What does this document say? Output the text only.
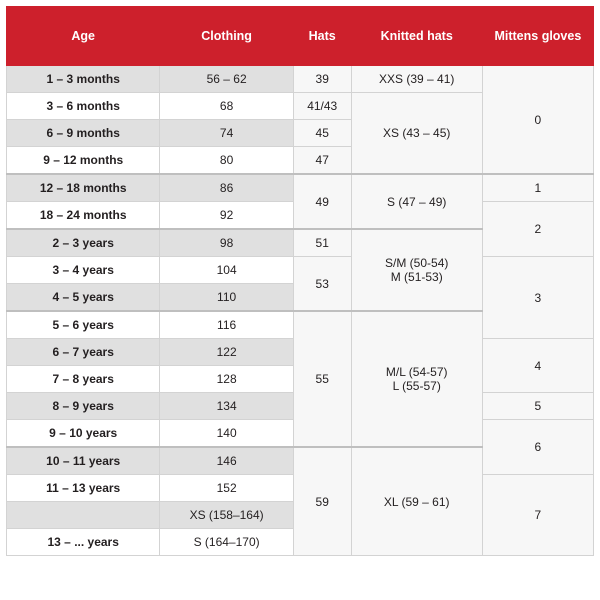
Age	Clothing	Hats	Knitted hats	Mittens gloves
1 – 3 months	56 – 62	39	XXS (39 – 41)	0
3 – 6 months	68	41/43	XS (43 – 45)	
6 – 9 months	74	45		
9 – 12 months	80	47		
12 – 18 months	86	49	S (47 – 49)	1
18 – 24 months	92			2
2 – 3 years	98	51	S/M (50-54)
M (51-53)	
3 – 4 years	104	53		3
4 – 5 years	110			
5 – 6 years	116	55	M/L (54-57)
L (55-57)	
6 – 7 years	122			4
7 – 8 years	128			
8 – 9 years	134			5
9 – 10 years	140			6
10 – 11 years	146	59	XL (59 – 61)	
11 – 13 years	152			7
	XS (158–164)			
13 – ... years	S (164–170)			
